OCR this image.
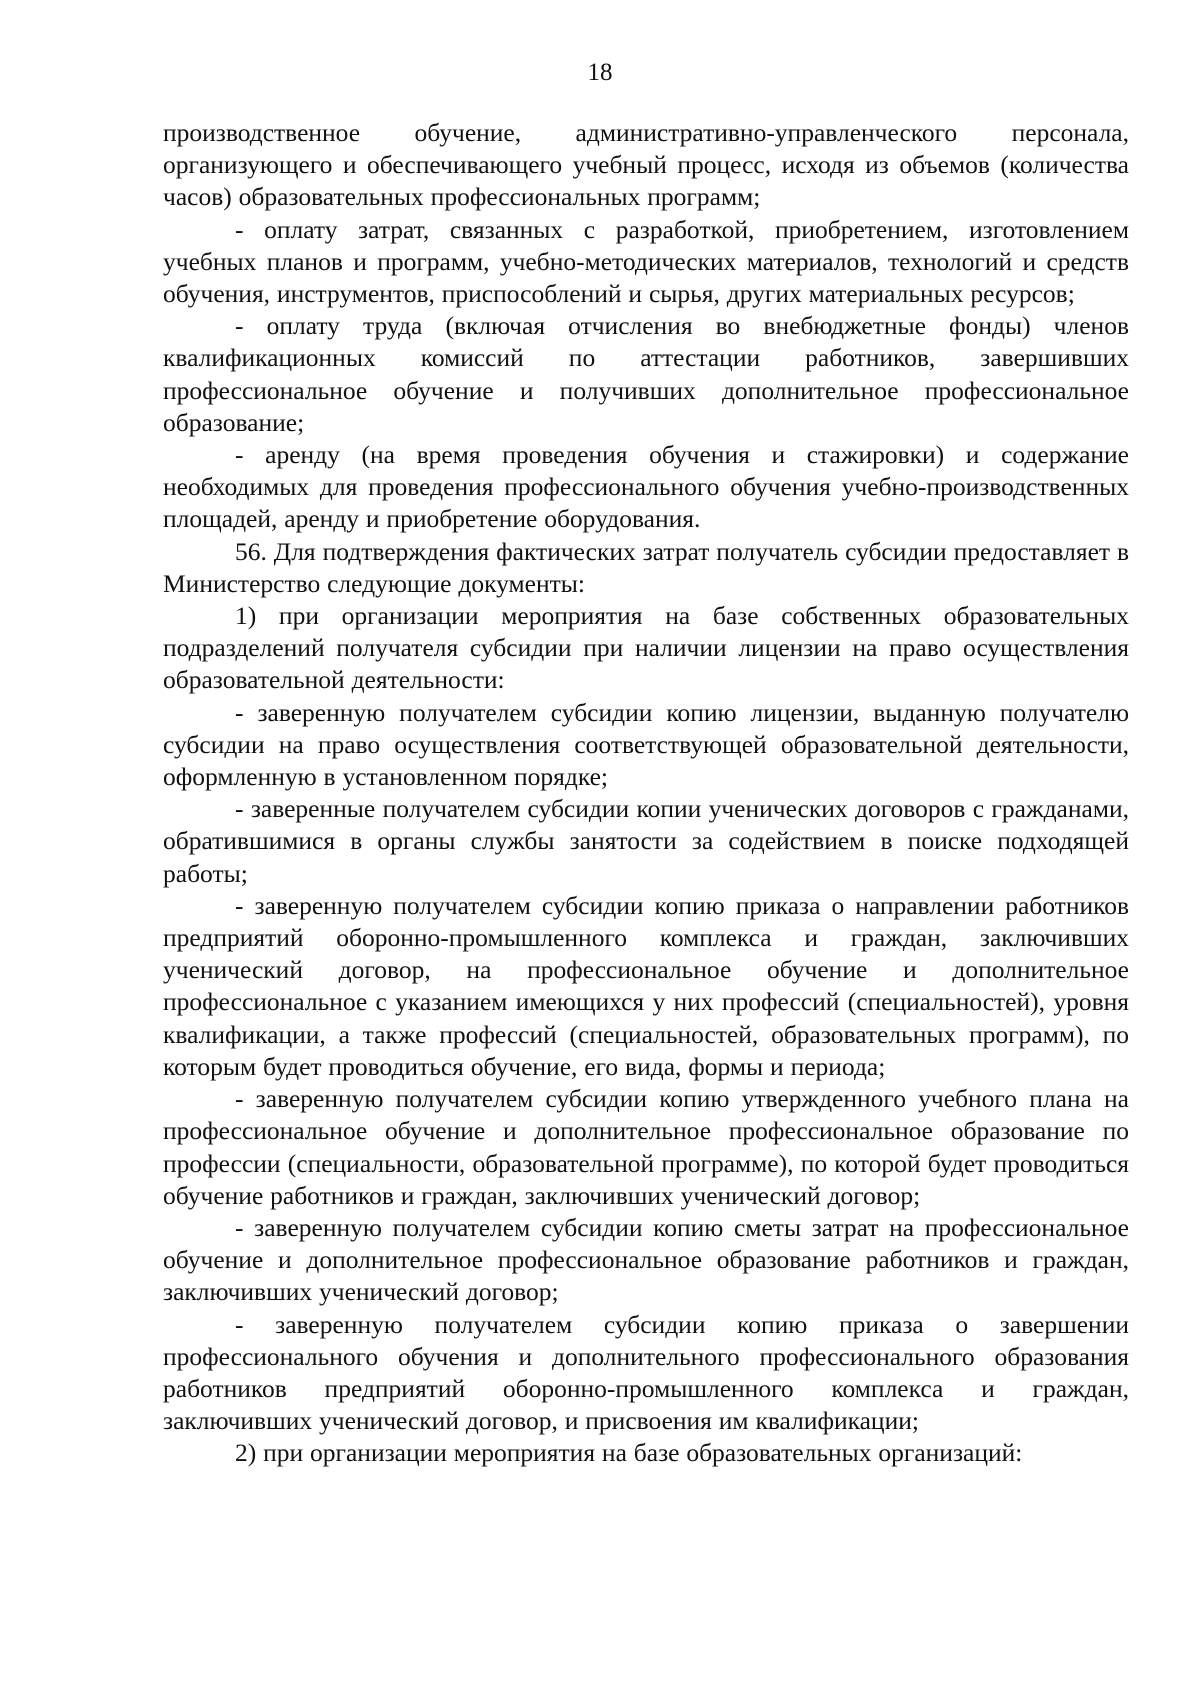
18

производственное обучение, административно-управленческого персонала, организующего и обеспечивающего учебный процесс, исходя из объемов (количества часов) образовательных профессиональных программ;

- оплату затрат, связанных с разработкой, приобретением, изготовлением учебных планов и программ, учебно-методических материалов, технологий и средств обучения, инструментов, приспособлений и сырья, других материальных ресурсов;

- оплату труда (включая отчисления во внебюджетные фонды) членов квалификационных комиссий по аттестации работников, завершивших профессиональное обучение и получивших дополнительное профессиональное образование;

- аренду (на время проведения обучения и стажировки) и содержание необходимых для проведения профессионального обучения учебно-производственных площадей, аренду и приобретение оборудования.

56. Для подтверждения фактических затрат получатель субсидии предоставляет в Министерство следующие документы:

1) при организации мероприятия на базе собственных образовательных подразделений получателя субсидии при наличии лицензии на право осуществления образовательной деятельности:

- заверенную получателем субсидии копию лицензии, выданную получателю субсидии на право осуществления соответствующей образовательной деятельности, оформленную в установленном порядке;

- заверенные получателем субсидии копии ученических договоров с гражданами, обратившимися в органы службы занятости за содействием в поиске подходящей работы;

- заверенную получателем субсидии копию приказа о направлении работников предприятий оборонно-промышленного комплекса и граждан, заключивших ученический договор, на профессиональное обучение и дополнительное профессиональное с указанием имеющихся у них профессий (специальностей), уровня квалификации, а также профессий (специальностей, образовательных программ), по которым будет проводиться обучение, его вида, формы и периода;

- заверенную получателем субсидии копию утвержденного учебного плана на профессиональное обучение и дополнительное профессиональное образование по профессии (специальности, образовательной программе), по которой будет проводиться обучение работников и граждан, заключивших ученический договор;

- заверенную получателем субсидии копию сметы затрат на профессиональное обучение и дополнительное профессиональное образование работников и граждан, заключивших ученический договор;

- заверенную получателем субсидии копию приказа о завершении профессионального обучения и дополнительного профессионального образования работников предприятий оборонно-промышленного комплекса и граждан, заключивших ученический договор, и присвоения им квалификации;

2) при организации мероприятия на базе образовательных организаций:
